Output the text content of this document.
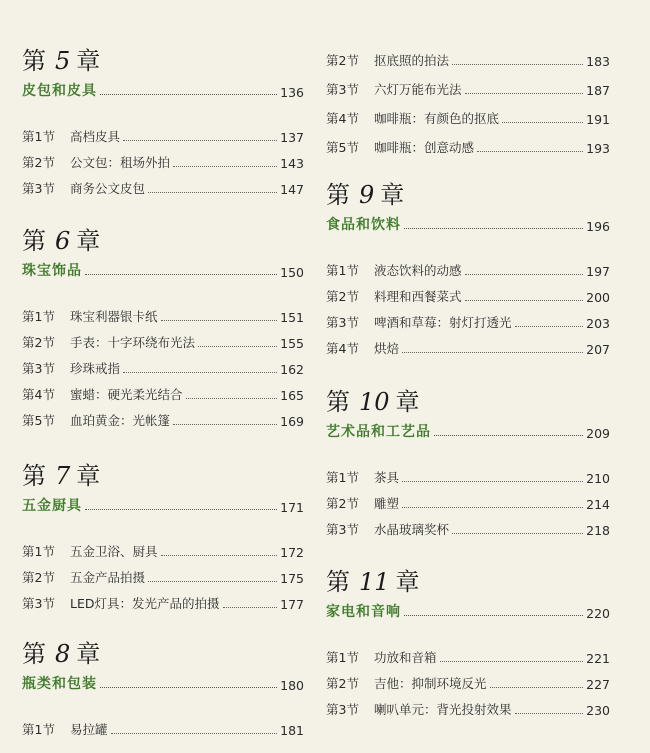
第 5 章
皮包和皮具	136
第1节	高档皮具	137
第2节	公文包：租场外拍	143
第3节	商务公文皮包	147
第 6 章
珠宝饰品	150
第1节	珠宝利器银卡纸	151
第2节	手表：十字环绕布光法	155
第3节	珍珠戒指	162
第4节	蜜蜡：硬光柔光结合	165
第5节	血珀黄金：光帐篷	169
第 7 章
五金厨具	171
第1节	五金卫浴、厨具	172
第2节	五金产品拍摄	175
第3节	LED灯具：发光产品的拍摄	177
第 8 章
瓶类和包装	180
第1节	易拉罐	181
第2节	抠底照的拍法	183
第3节	六灯万能布光法	187
第4节	咖啡瓶：有颜色的抠底	191
第5节	咖啡瓶：创意动感	193
第 9 章
食品和饮料	196
第1节	液态饮料的动感	197
第2节	料理和西餐菜式	200
第3节	啤酒和草莓：射灯打透光	203
第4节	烘焙	207
第 10 章
艺术品和工艺品	209
第1节	茶具	210
第2节	雕塑	214
第3节	水晶玻璃奖杯	218
第 11 章
家电和音响	220
第1节	功放和音箱	221
第2节	吉他：抑制环境反光	227
第3节	喇叭单元：背光投射效果	230
